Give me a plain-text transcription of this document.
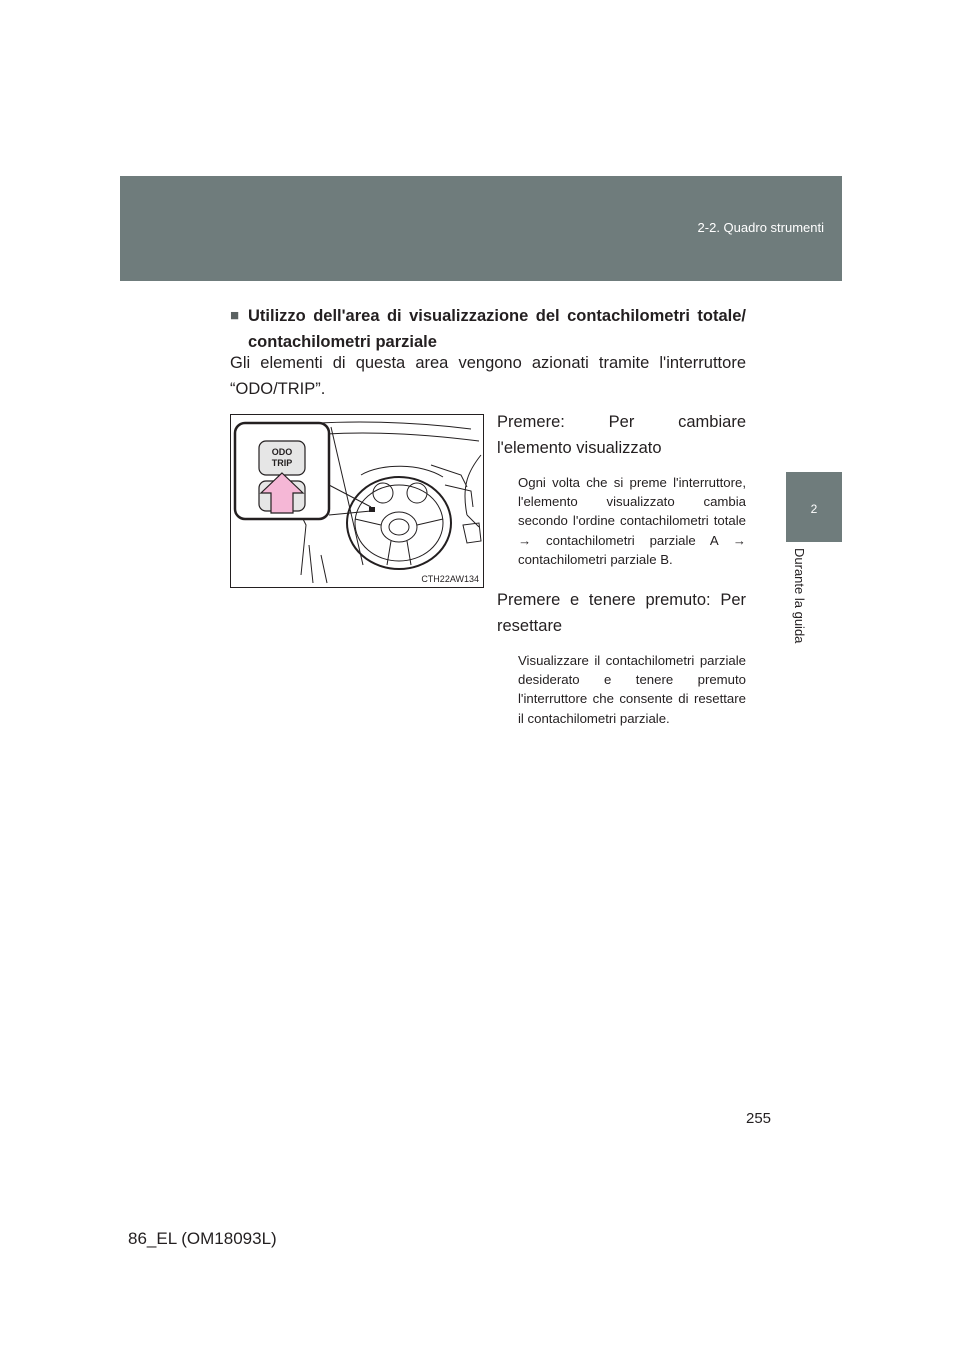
2-2. Quadro strumenti
2
Durante la guida
■ Utilizzo dell'area di visualizzazione del contachilometri totale/ contachilometri parziale
Gli elementi di questa area vengono azionati tramite l'interruttore “ODO/TRIP”.
ODO
TRIP
CTH22AW134
Premere: Per cambiare l'elemento visualizzato
Ogni volta che si preme l'interruttore, l'elemento visualizzato cambia secondo l'ordine contachilometri totale → contachilometri parziale A → contachilometri parziale B.
Premere e tenere premuto: Per resettare
Visualizzare il contachilometri parziale desiderato e tenere premuto l'interruttore che consente di resettare il contachilometri parziale.
255
86_EL (OM18093L)
